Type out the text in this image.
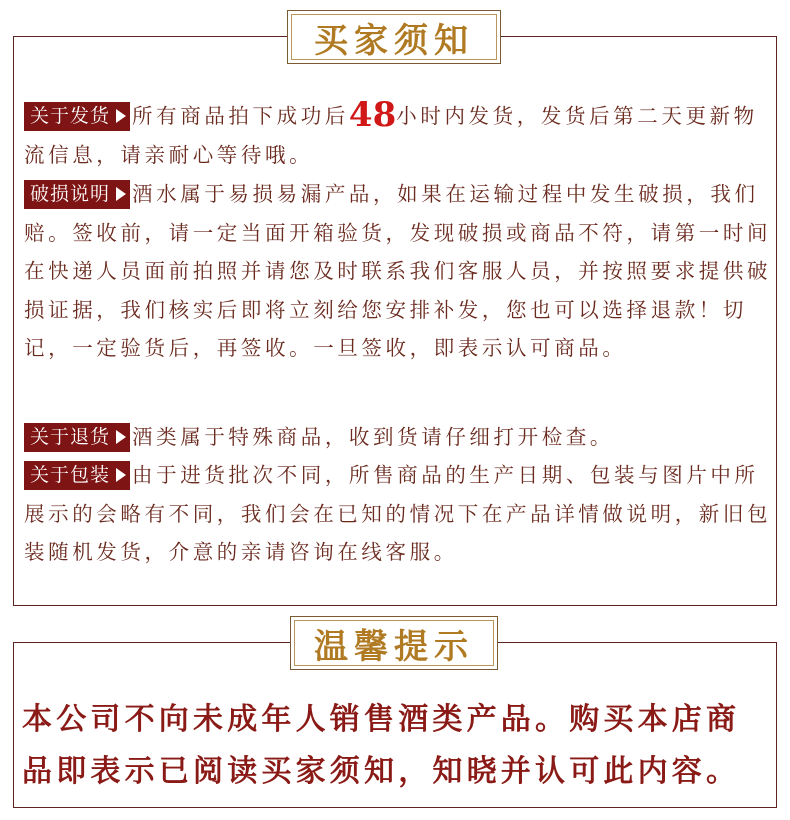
买家须知
关于发货 所有商品拍下成功后48小时内发货，发货后第二天更新物流信息，请亲耐心等待哦。
破损说明 酒水属于易损易漏产品，如果在运输过程中发生破损，我们赔。签收前，请一定当面开箱验货，发现破损或商品不符，请第一时间在快递人员面前拍照并请您及时联系我们客服人员，并按照要求提供破损证据，我们核实后即将立刻给您安排补发，您也可以选择退款！切记，一定验货后，再签收。一旦签收，即表示认可商品。
关于退货 酒类属于特殊商品，收到货请仔细打开检查。
关于包装 由于进货批次不同，所售商品的生产日期、包装与图片中所展示的会略有不同，我们会在已知的情况下在产品详情做说明，新旧包装随机发货，介意的亲请咨询在线客服。
温馨提示
本公司不向未成年人销售酒类产品。购买本店商品即表示已阅读买家须知，知晓并认可此内容。
